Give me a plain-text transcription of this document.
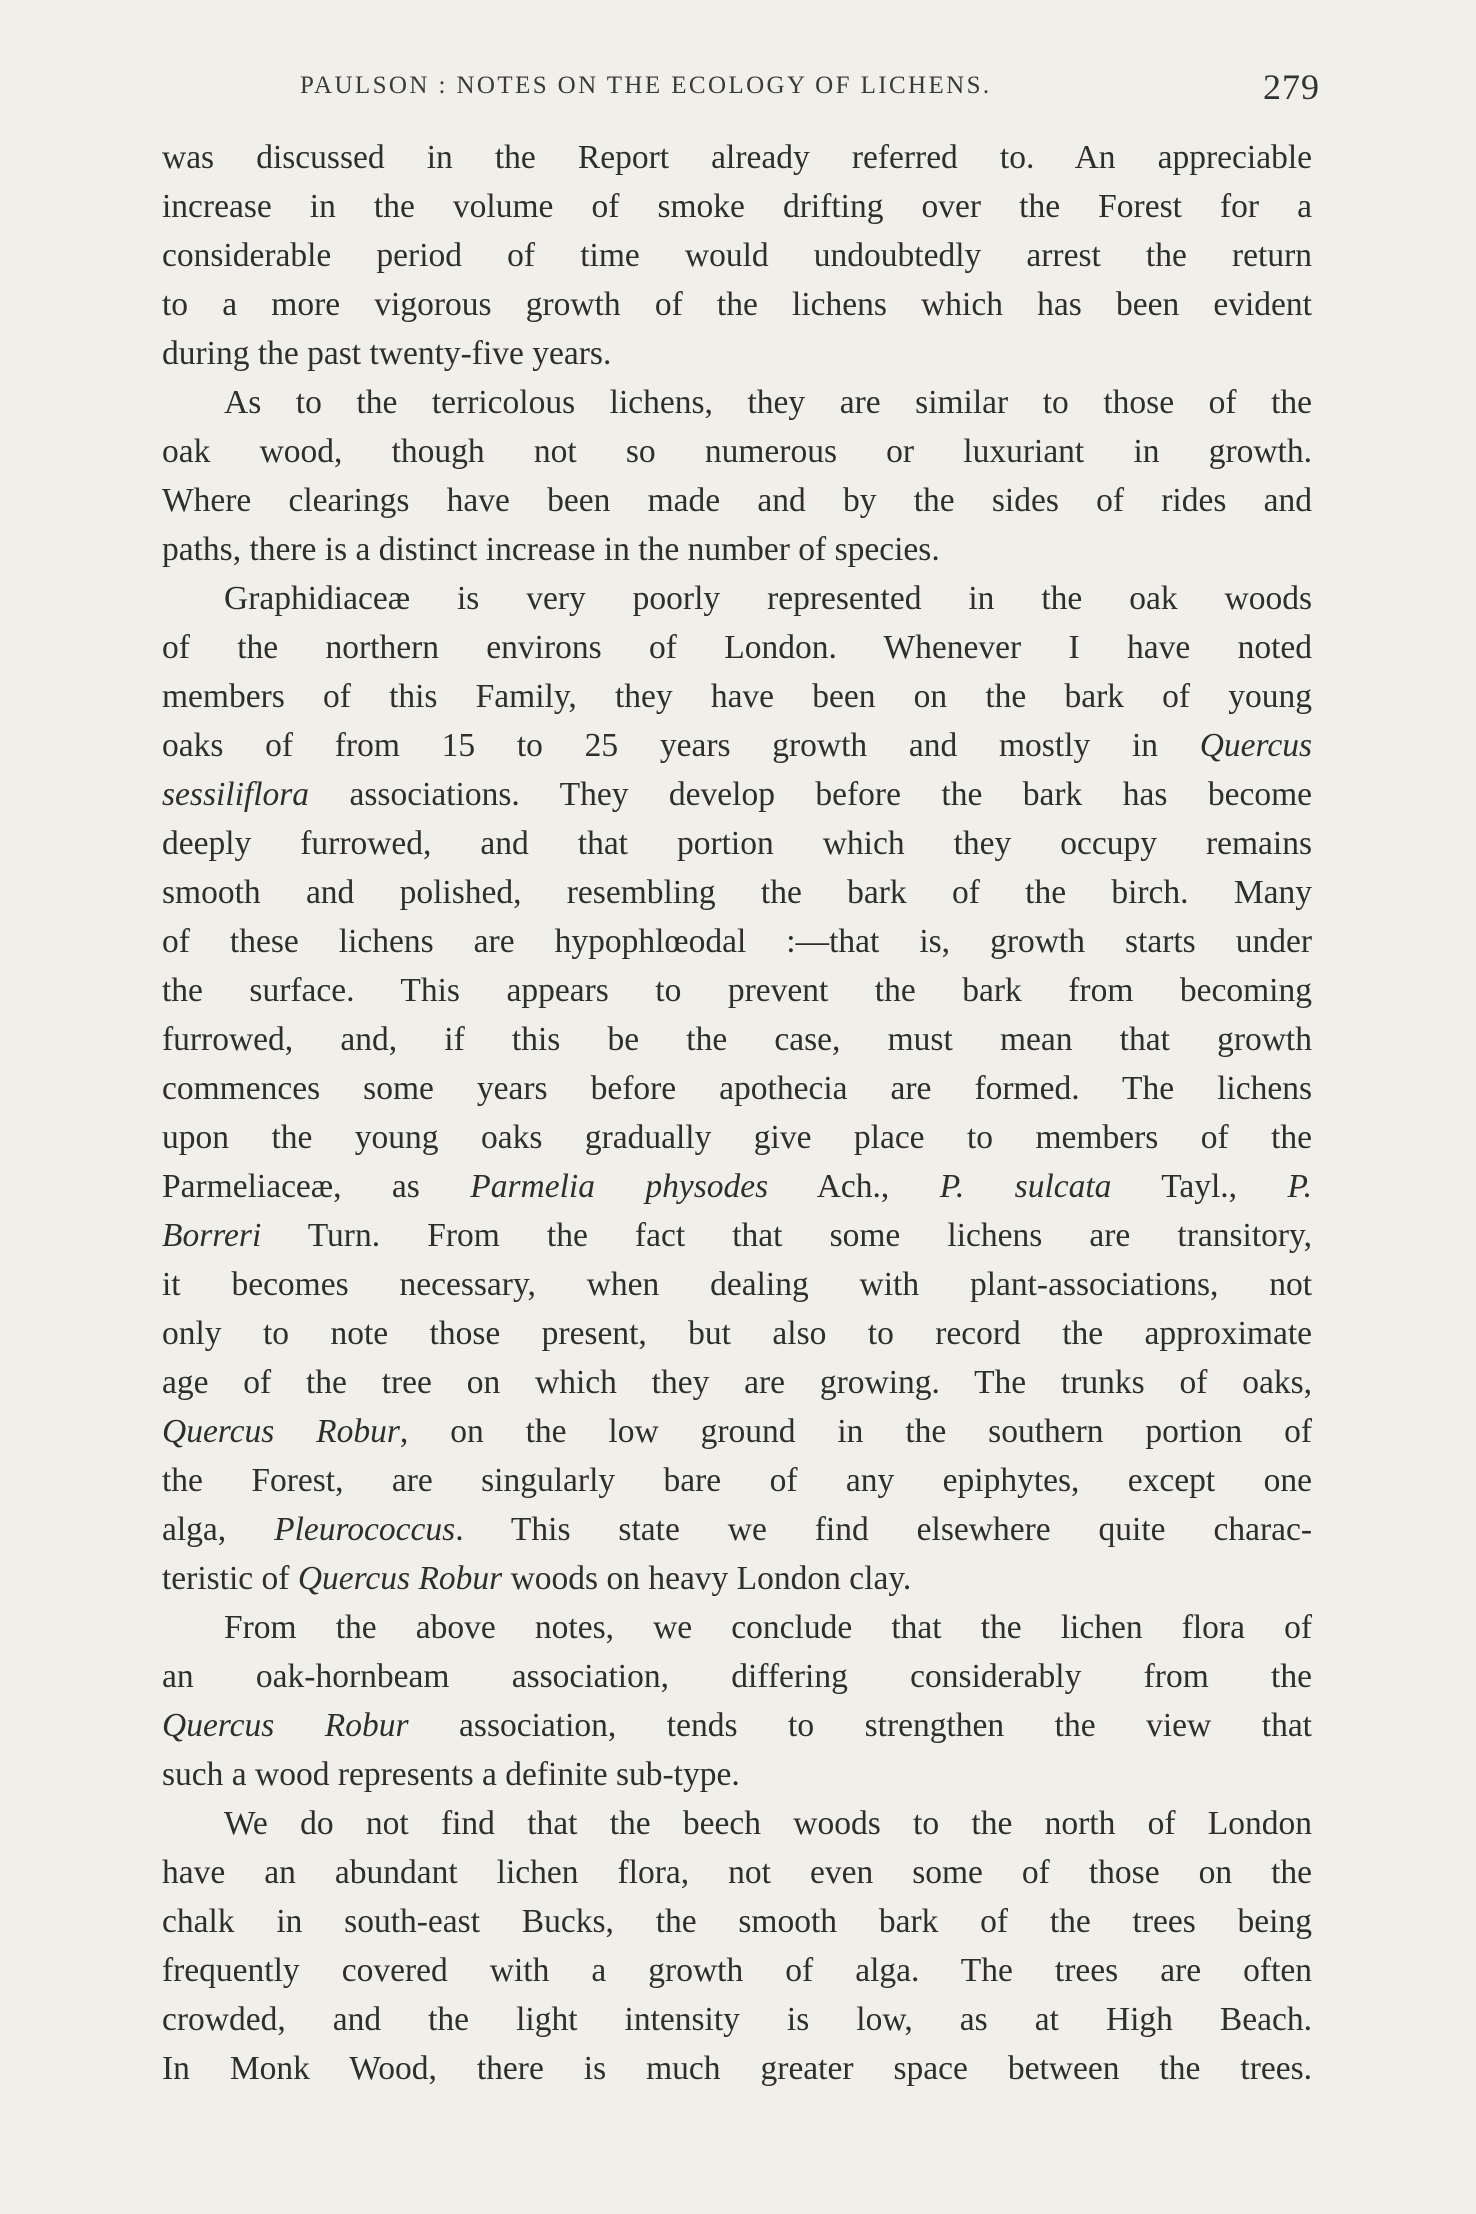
PAULSON : NOTES ON THE ECOLOGY OF LICHENS.	279
was discussed in the Report already referred to. An appreciable
increase in the volume of smoke drifting over the Forest for a
considerable period of time would undoubtedly arrest the return
to a more vigorous growth of the lichens which has been evident
during the past twenty-five years.
As to the terricolous lichens, they are similar to those of the
oak wood, though not so numerous or luxuriant in growth.
Where clearings have been made and by the sides of rides and
paths, there is a distinct increase in the number of species.
Graphidiaceæ is very poorly represented in the oak woods
of the northern environs of London. Whenever I have noted
members of this Family, they have been on the bark of young
oaks of from 15 to 25 years growth and mostly in Quercus
sessiliflora associations. They develop before the bark has become
deeply furrowed, and that portion which they occupy remains
smooth and polished, resembling the bark of the birch. Many
of these lichens are hypophlœodal :—that is, growth starts under
the surface. This appears to prevent the bark from becoming
furrowed, and, if this be the case, must mean that growth
commences some years before apothecia are formed. The lichens
upon the young oaks gradually give place to members of the
Parmeliaceæ, as Parmelia physodes Ach., P. sulcata Tayl., P.
Borreri Turn. From the fact that some lichens are transitory,
it becomes necessary, when dealing with plant-associations, not
only to note those present, but also to record the approximate
age of the tree on which they are growing. The trunks of oaks,
Quercus Robur, on the low ground in the southern portion of
the Forest, are singularly bare of any epiphytes, except one
alga, Pleurococcus. This state we find elsewhere quite charac-
teristic of Quercus Robur woods on heavy London clay.
From the above notes, we conclude that the lichen flora of
an oak-hornbeam association, differing considerably from the
Quercus Robur association, tends to strengthen the view that
such a wood represents a definite sub-type.
We do not find that the beech woods to the north of London
have an abundant lichen flora, not even some of those on the
chalk in south-east Bucks, the smooth bark of the trees being
frequently covered with a growth of alga. The trees are often
crowded, and the light intensity is low, as at High Beach.
In Monk Wood, there is much greater space between the trees.
